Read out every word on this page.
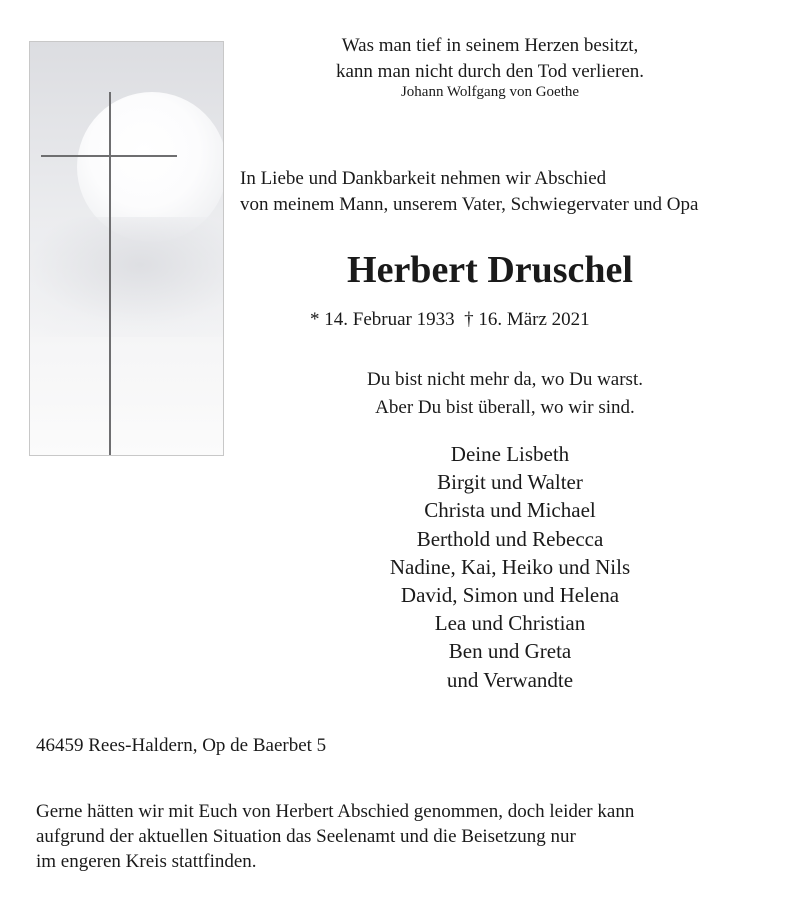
Was man tief in seinem Herzen besitzt,
kann man nicht durch den Tod verlieren.
Johann Wolfgang von Goethe
In Liebe und Dankbarkeit nehmen wir Abschied
von meinem Mann, unserem Vater, Schwiegervater und Opa
Herbert Druschel
* 14. Februar 1933  † 16. März 2021
Du bist nicht mehr da, wo Du warst.
Aber Du bist überall, wo wir sind.
Deine Lisbeth
Birgit und Walter
Christa und Michael
Berthold und Rebecca
Nadine, Kai, Heiko und Nils
David, Simon und Helena
Lea und Christian
Ben und Greta
und Verwandte
46459 Rees-Haldern, Op de Baerbet 5
Gerne hätten wir mit Euch von Herbert Abschied genommen, doch leider kann
aufgrund der aktuellen Situation das Seelenamt und die Beisetzung nur
im engeren Kreis stattfinden.
